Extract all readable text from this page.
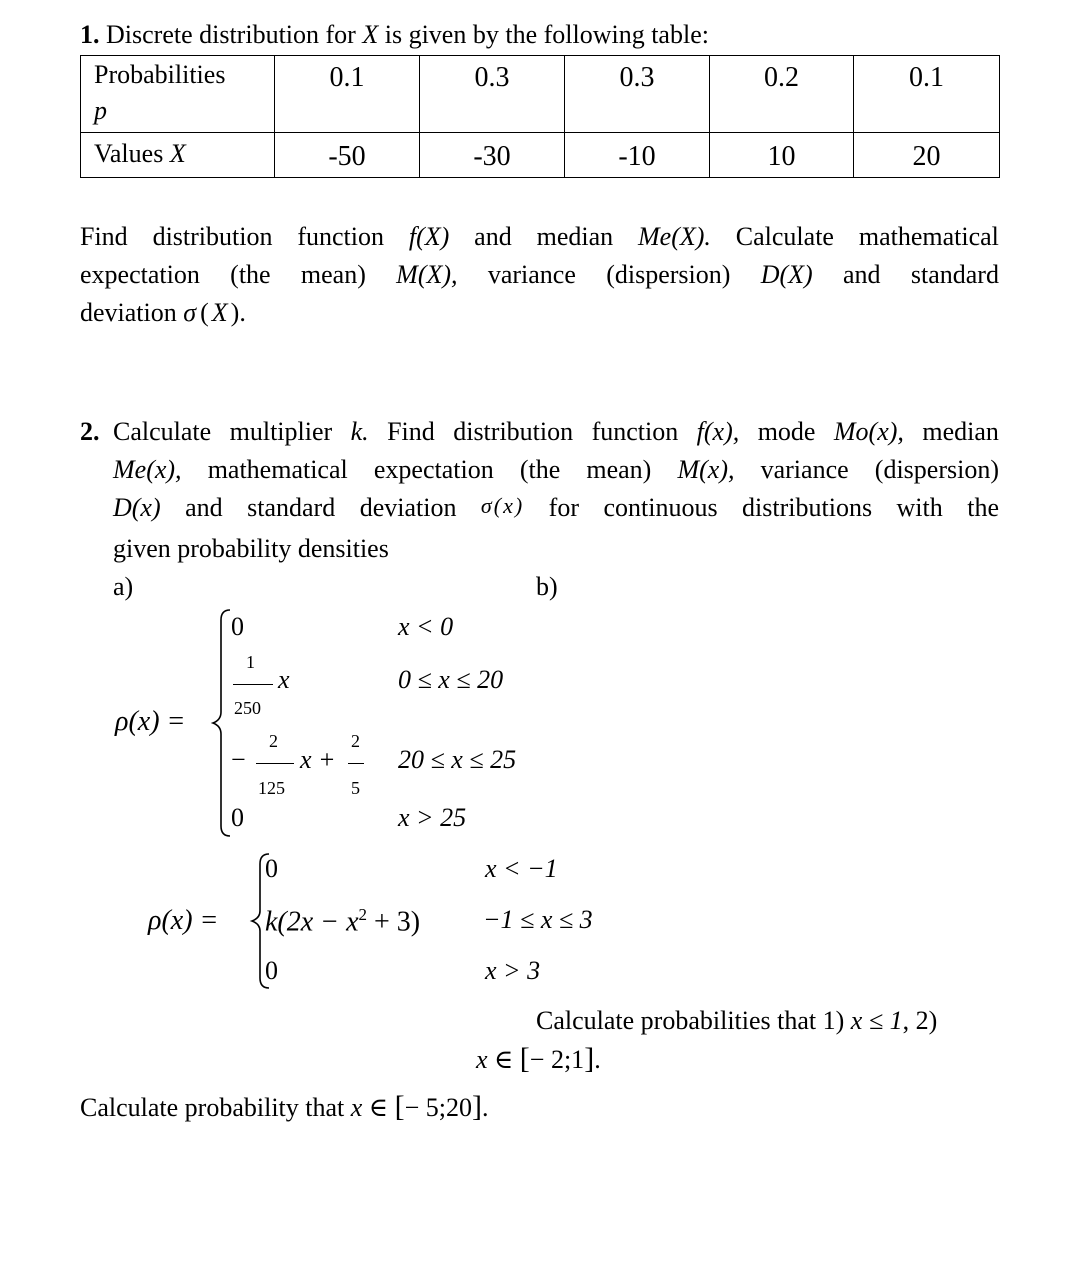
1. Discrete distribution for X is given by the following table:
Probabilities
p	0.1	0.3	0.3	0.2	0.1

Values X	-50	-30	-10	10	20
Find distribution function f(X) and median Me(X). Calculate mathematical
expectation (the mean) M(X), variance (dispersion) D(X) and standard
deviation σ ( X ).
2. Calculate multiplier k. Find distribution function f(x), mode Mo(x), median
Me(x), mathematical expectation (the mean) M(x), variance (dispersion)
D(x) and standard deviation σ(x) for continuous distributions with the
given probability densities
a)	b)
ρ(x) =
0	x < 0
1
250
x	0 ≤ x ≤ 20
−
2
125
x +
2
5
20 ≤ x ≤ 25
0	x > 25
ρ(x) =
0	x < −1
$k(2x - x^2 + 3) -1 \le x \le 3$
0	x > 3
Calculate probabilities that 1) x ≤ 1, 2)
x ∈ [− 2;1].
Calculate probability that x ∈ [− 5;20].
